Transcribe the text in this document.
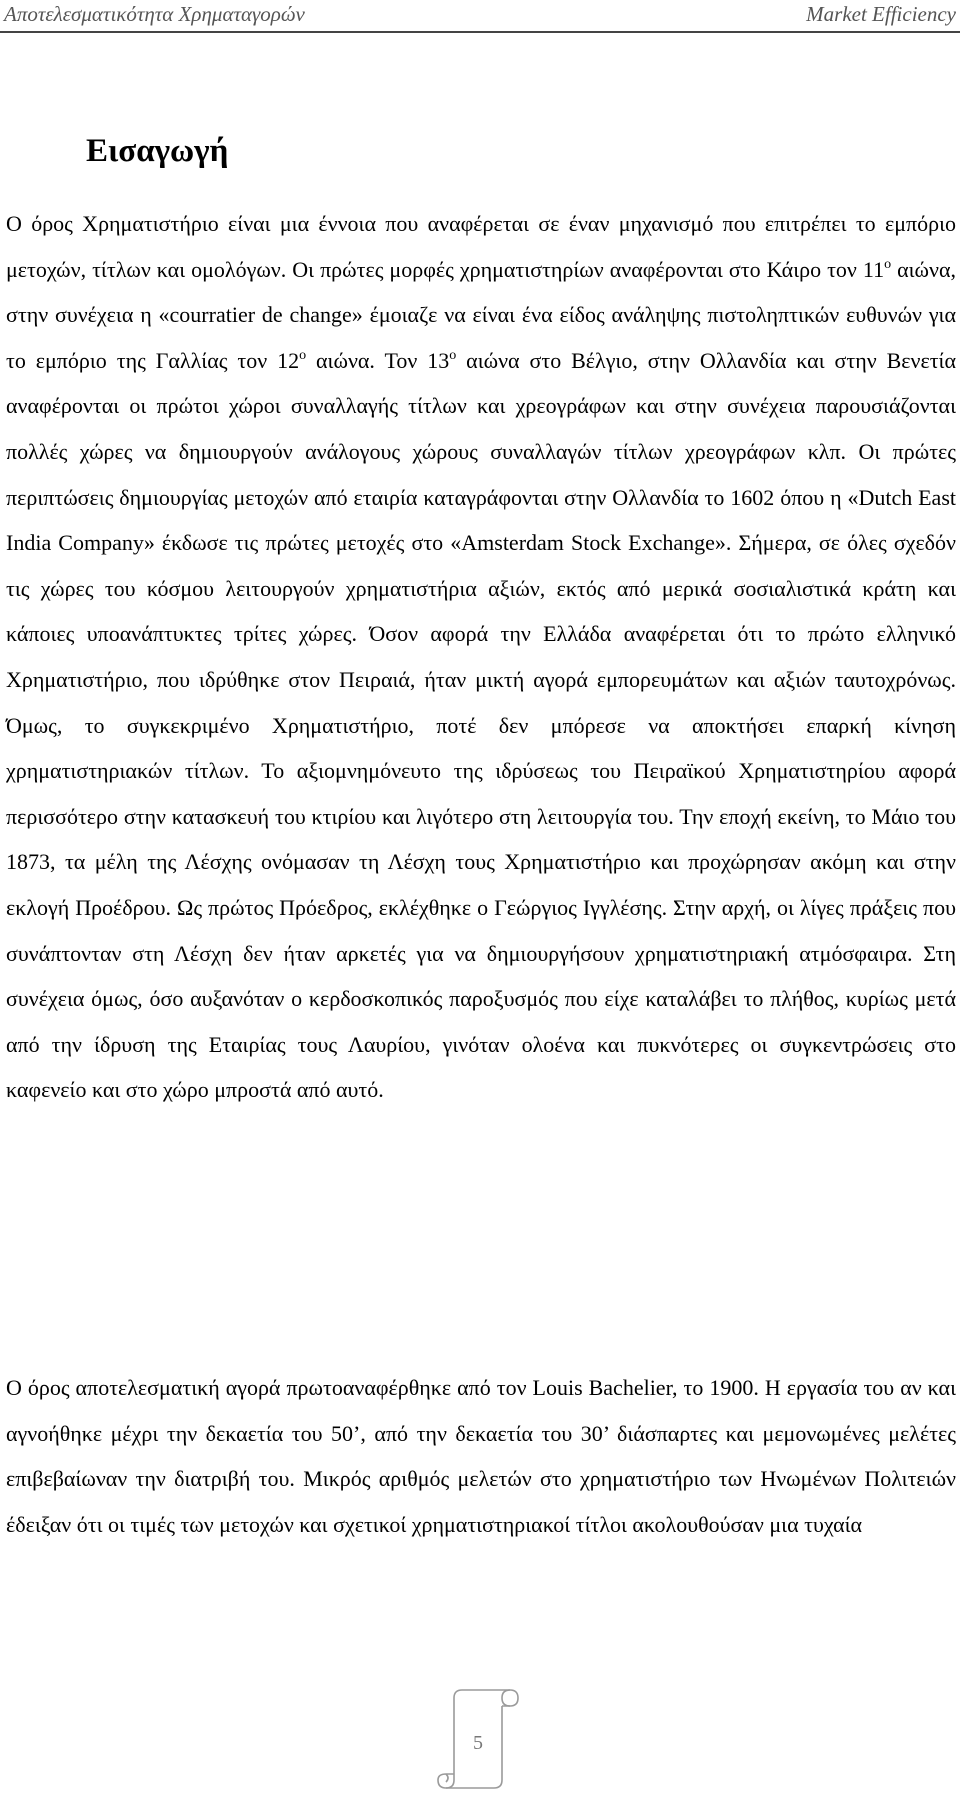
Αποτελεσματικότητα Χρηματαγορών	Market Efficiency
Εισαγωγή

Ο όρος Χρηματιστήριο είναι μια έννοια που αναφέρεται σε έναν μηχανισμό που επιτρέπει το εμπόριο μετοχών, τίτλων και ομολόγων. Οι πρώτες μορφές χρηματιστηρίων αναφέρονται στο Κάιρο τον $11^o$ αιώνα, στην συνέχεια η «courratier de change» έμοιαζε να είναι ένα είδος ανάληψης πιστοληπτικών ευθυνών για το εμπόριο της Γαλλίας τον $12^o$ αιώνα. Τον $13^o$ αιώνα στο Βέλγιο, στην Ολλανδία και στην Βενετία αναφέρονται οι πρώτοι χώροι συναλλαγής τίτλων και χρεογράφων και στην συνέχεια παρουσιάζονται πολλές χώρες να δημιουργούν ανάλογους χώρους συναλλαγών τίτλων χρεογράφων κλπ. Οι πρώτες περιπτώσεις δημιουργίας μετοχών από εταιρία καταγράφονται στην Ολλανδία το 1602 όπου η «Dutch East India Company» έκδωσε τις πρώτες μετοχές στο «Amsterdam Stock Exchange». Σήμερα, σε όλες σχεδόν τις χώρες του κόσμου λειτουργούν χρηματιστήρια αξιών, εκτός από μερικά σοσιαλιστικά κράτη και κάποιες υποανάπτυκτες τρίτες χώρες. Όσον αφορά την Ελλάδα αναφέρεται ότι το πρώτο ελληνικό Χρηματιστήριο, που ιδρύθηκε στον Πειραιά, ήταν μικτή αγορά εμπορευμάτων και αξιών ταυτοχρόνως. Όμως, το συγκεκριμένο Χρηματιστήριο, ποτέ δεν μπόρεσε να αποκτήσει επαρκή κίνηση χρηματιστηριακών τίτλων. Το αξιομνημόνευτο της ιδρύσεως του Πειραϊκού Χρηματιστηρίου αφορά περισσότερο στην κατασκευή του κτιρίου και λιγότερο στη λειτουργία του. Την εποχή εκείνη, το Μάιο του 1873, τα μέλη της Λέσχης ονόμασαν τη Λέσχη τους Χρηματιστήριο και προχώρησαν ακόμη και στην εκλογή Προέδρου. Ως πρώτος Πρόεδρος, εκλέχθηκε ο Γεώργιος Ιγγλέσης. Στην αρχή, οι λίγες πράξεις που συνάπτονταν στη Λέσχη δεν ήταν αρκετές για να δημιουργήσουν χρηματιστηριακή ατμόσφαιρα. Στη συνέχεια όμως, όσο αυξανόταν ο κερδοσκοπικός παροξυσμός που είχε καταλάβει το πλήθος, κυρίως μετά από την ίδρυση της Εταιρίας τους Λαυρίου, γινόταν ολοένα και πυκνότερες οι συγκεντρώσεις στο καφενείο και στο χώρο μπροστά από αυτό.

Ο όρος αποτελεσματική αγορά πρωτοαναφέρθηκε από τον Louis Bachelier, το 1900. Η εργασία του αν και αγνοήθηκε μέχρι την δεκαετία του 50’, από την δεκαετία του 30’ διάσπαρτες και μεμονωμένες μελέτες επιβεβαίωναν την διατριβή του. Μικρός αριθμός μελετών στο χρηματιστήριο των Ηνωμένων Πολιτειών έδειξαν ότι οι τιμές των μετοχών και σχετικοί χρηματιστηριακοί τίτλοι ακολουθούσαν μια τυχαία

5
